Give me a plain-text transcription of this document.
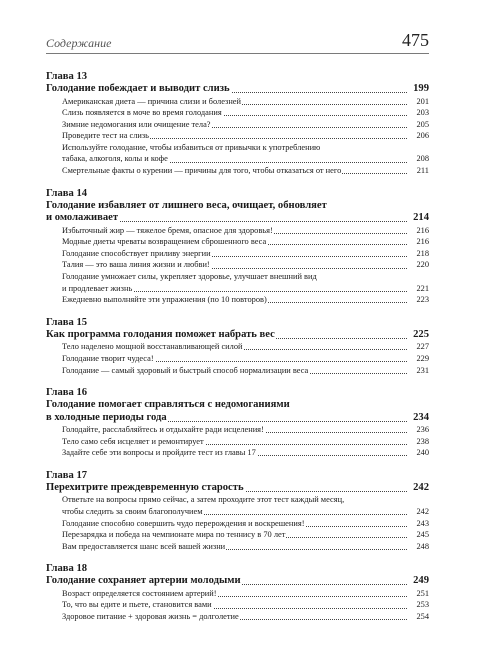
Содержание	475
Глава 13
Голодание побеждает и выводит слизь	199
Американская диета — причина слизи и болезней	201
Слизь появляется в моче во время голодания	203
Зимние недомогания или очищение тела?	205
Проведите тест на слизь	206
Используйте голодание, чтобы избавиться от привычки к употреблению
табака, алкоголя, колы и кофе	208
Смертельные факты о курении — причины для того, чтобы отказаться от него	211
Глава 14
Голодание избавляет от лишнего веса, очищает, обновляет
и омолаживает	214
Избыточный жир — тяжелое бремя, опасное для здоровья!	216
Модные диеты чреваты возвращением сброшенного веса	216
Голодание способствует приливу энергии	218
Талия — это ваша линия жизни и любви!	220
Голодание умножает силы, укрепляет здоровье, улучшает внешний вид
и продлевает жизнь	221
Ежедневно выполняйте эти упражнения (по 10 повторов)	223
Глава 15
Как программа голодания поможет набрать вес	225
Тело наделено мощной восстанавливающей силой	227
Голодание творит чудеса!	229
Голодание — самый здоровый и быстрый способ нормализации веса	231
Глава 16
Голодание помогает справляться с недомоганиями
в холодные периоды года	234
Голодайте, расслабляйтесь и отдыхайте ради исцеления!	236
Тело само себя исцеляет и ремонтирует	238
Задайте себе эти вопросы и пройдите тест из главы 17	240
Глава 17
Перехитрите преждевременную старость	242
Ответьте на вопросы прямо сейчас, а затем проходите этот тест каждый месяц,
чтобы следить за своим благополучием	242
Голодание способно совершить чудо перерождения и воскрешения!	243
Перезарядка и победа на чемпионате мира по теннису в 70 лет	245
Вам предоставляется шанс всей вашей жизни	248
Глава 18
Голодание сохраняет артерии молодыми	249
Возраст определяется состоянием артерий!	251
То, что вы едите и пьете, становится вами	253
Здоровое питание + здоровая жизнь = долголетие	254
